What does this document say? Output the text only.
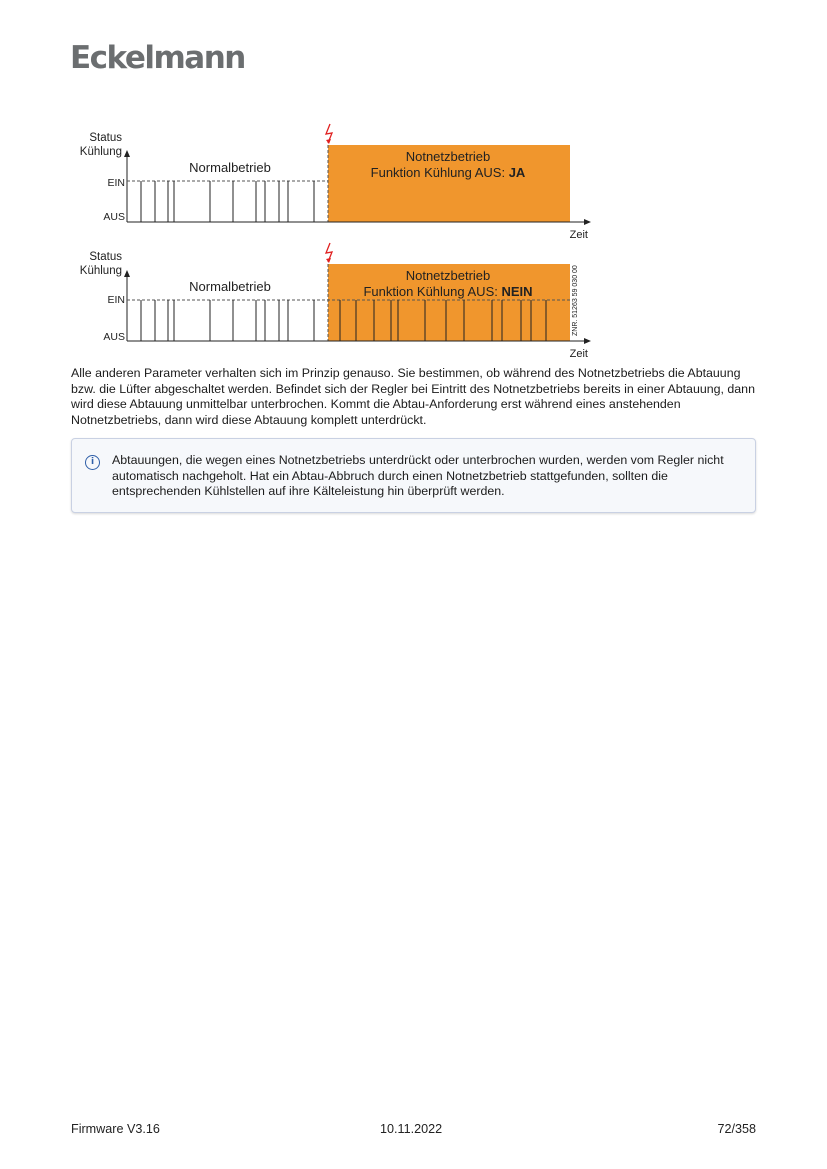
Eckelmann
Status
Kühlung
EIN
AUS
Zeit
Normalbetrieb
Notnetzbetrieb
Funktion Kühlung AUS: JA
Status
Kühlung
EIN
AUS
Zeit
Normalbetrieb
Notnetzbetrieb
Funktion Kühlung AUS: NEIN	ZNR. 51263 59 030 00
Alle anderen Parameter verhalten sich im Prinzip genauso. Sie bestimmen, ob während des Notnetzbetriebs die Abtauung bzw. die Lüfter abgeschaltet werden. Befindet sich der Regler bei Eintritt des Notnetzbetriebs bereits in einer Abtauung, dann wird diese Abtauung unmittelbar unterbrochen. Kommt die Abtau-Anforderung erst während eines anstehenden Notnetzbetriebs, dann wird diese Abtauung komplett unterdrückt.
i	Abtauungen, die wegen eines Notnetzbetriebs unterdrückt oder unterbrochen wurden, werden vom Regler nicht automatisch nachgeholt. Hat ein Abtau-Abbruch durch einen Notnetzbetrieb stattgefunden, sollten die entsprechenden Kühlstellen auf ihre Kälteleistung hin überprüft werden.
Firmware V3.16	10.11.2022	72/358
